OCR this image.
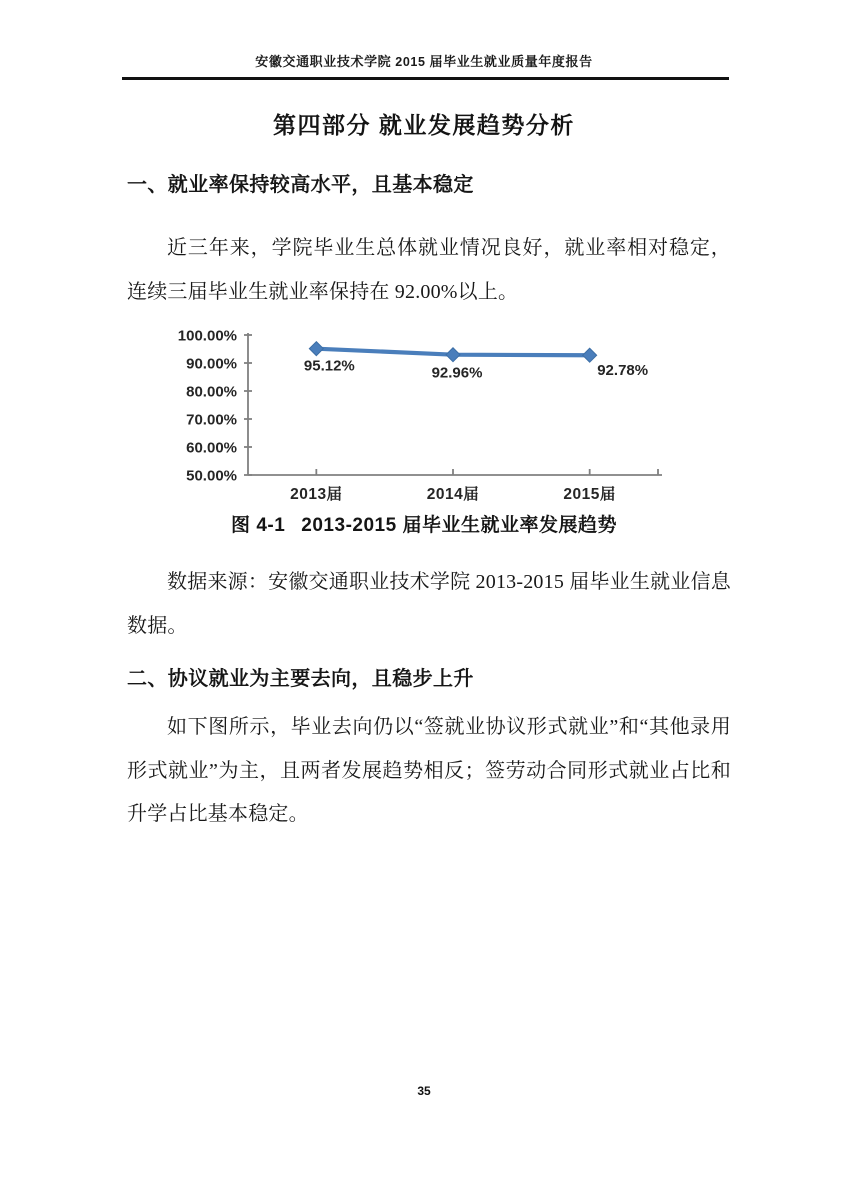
安徽交通职业技术学院 2015 届毕业生就业质量年度报告
第四部分 就业发展趋势分析
一、就业率保持较高水平，且基本稳定

近三年来，学院毕业生总体就业情况良好，就业率相对稳定，连续三届毕业生就业率保持在 92.00%以上。

100.00%
90.00%
80.00%
70.00%
60.00%
50.00%
2013届	2014届	2015届
95.12%	92.96%	92.78%
图 4-1 2013-2015 届毕业生就业率发展趋势

数据来源：安徽交通职业技术学院 2013-2015 届毕业生就业信息数据。

二、协议就业为主要去向，且稳步上升

如下图所示，毕业去向仍以“签就业协议形式就业”和“其他录用形式就业”为主，且两者发展趋势相反；签劳动合同形式就业占比和升学占比基本稳定。

35
